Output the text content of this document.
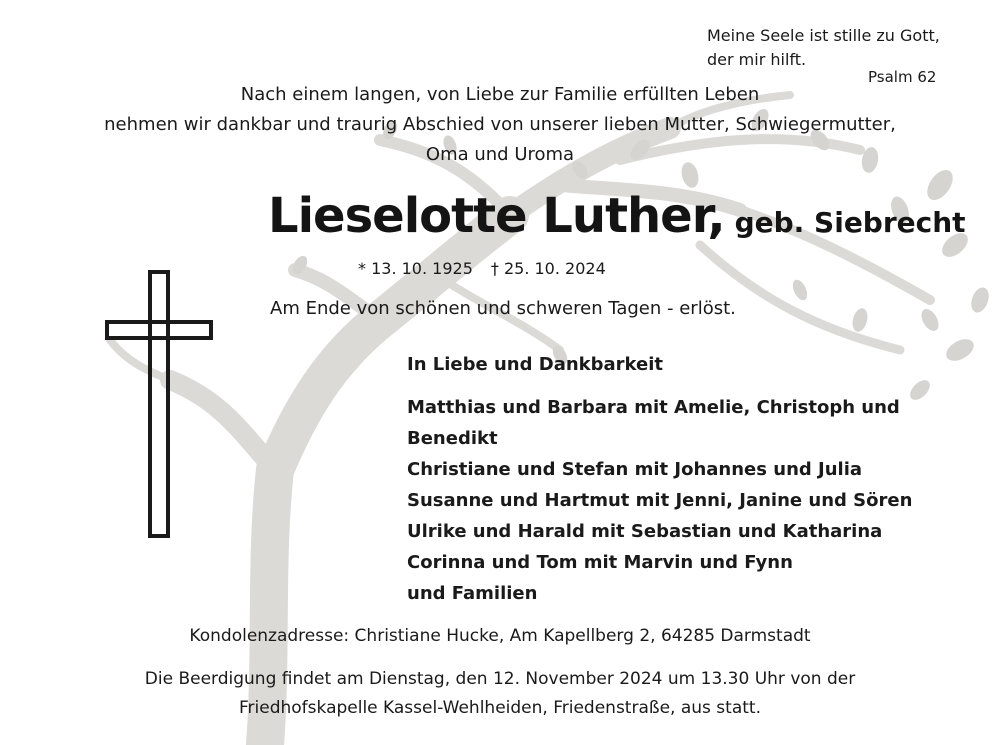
Meine Seele ist stille zu Gott,
der mir hilft.
Psalm 62
Nach einem langen, von Liebe zur Familie erfüllten Leben
nehmen wir dankbar und traurig Abschied von unserer lieben Mutter, Schwiegermutter,
Oma und Uroma
Lieselotte Luther, geb. Siebrecht
* 13. 10. 1925 † 25. 10. 2024
Am Ende von schönen und schweren Tagen - erlöst.
In Liebe und Dankbarkeit
Matthias und Barbara mit Amelie, Christoph und
Benedikt
Christiane und Stefan mit Johannes und Julia
Susanne und Hartmut mit Jenni, Janine und Sören
Ulrike und Harald mit Sebastian und Katharina
Corinna und Tom mit Marvin und Fynn
und Familien
Kondolenzadresse: Christiane Hucke, Am Kapellberg 2, 64285 Darmstadt
Die Beerdigung findet am Dienstag, den 12. November 2024 um 13.30 Uhr von der
Friedhofskapelle Kassel-Wehlheiden, Friedenstraße, aus statt.
